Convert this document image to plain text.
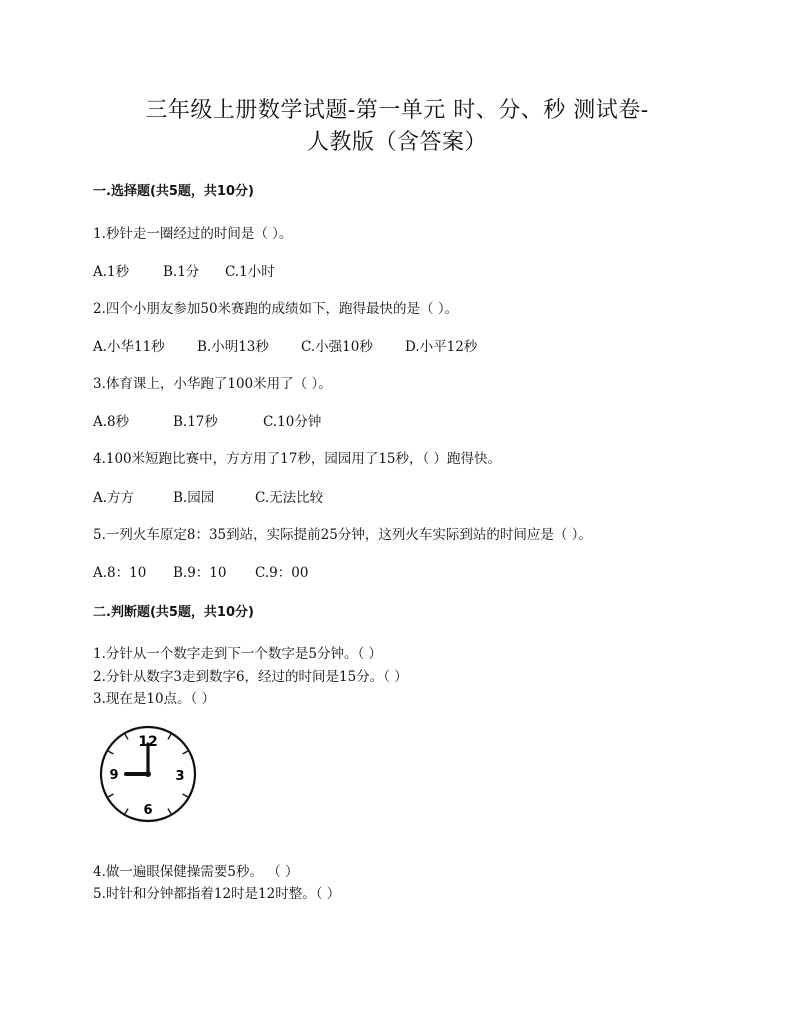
三年级上册数学试题-第一单元 时、分、秒 测试卷-
人教版（含答案）
一.选择题(共5题，共10分)
1.秒针走一圈经过的时间是（ ）。
A.1秒	B.1分 C.1小时
2.四个小朋友参加50米赛跑的成绩如下，跑得最快的是（ ）。
A.小华11秒 B.小明13秒 C.小强10秒 D.小平12秒
3.体育课上，小华跑了100米用了（ ）。
A.8秒	B.17秒	C.10分钟
4.100米短跑比赛中，方方用了17秒，园园用了15秒，（ ）跑得快。
A.方方	B.园园	C.无法比较
5.一列火车原定8：35到站，实际提前25分钟，这列火车实际到站的时间应是（ ）。
A.8：10 B.9：10 C.9：00
二.判断题(共5题，共10分)
1.分针从一个数字走到下一个数字是5分钟。（ ）
2.分针从数字3走到数字6，经过的时间是15分。（ ）
3.现在是10点。（ ）
12
3
6
9
4.做一遍眼保健操需要5秒。 （ ）
5.时针和分钟都指着12时是12时整。（ ）
